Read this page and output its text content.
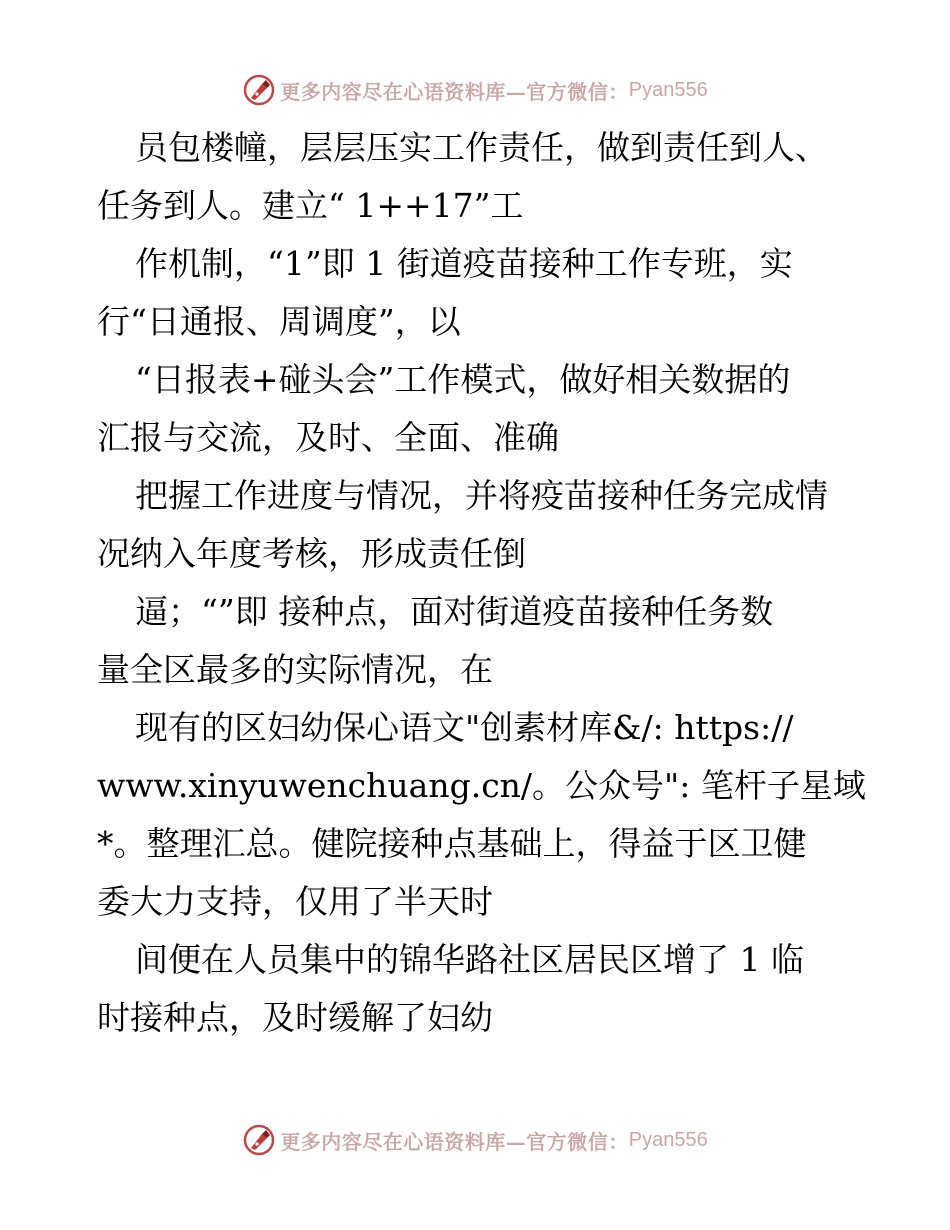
更多内容尽在心语资料库—官方微信： Pyan556
员包楼幢，层层压实工作责任，做到责任到人、
任务到人。建立“ 1++17”工
作机制，“1”即 1 街道疫苗接种工作专班，实
行“日通报、周调度”，以
“日报表+碰头会”工作模式，做好相关数据的
汇报与交流，及时、全面、准确
把握工作进度与情况，并将疫苗接种任务完成情
况纳入年度考核，形成责任倒
逼；“”即 接种点，面对街道疫苗接种任务数
量全区最多的实际情况，在
现有的区妇幼保心语文"创素材库&/: https://
www.xinyuwenchuang.cn/。公众号": 笔杆子星域
*。整理汇总。健院接种点基础上，得益于区卫健
委大力支持，仅用了半天时
间便在人员集中的锦华路社区居民区增了 1 临
时接种点，及时缓解了妇幼
更多内容尽在心语资料库—官方微信： Pyan556
